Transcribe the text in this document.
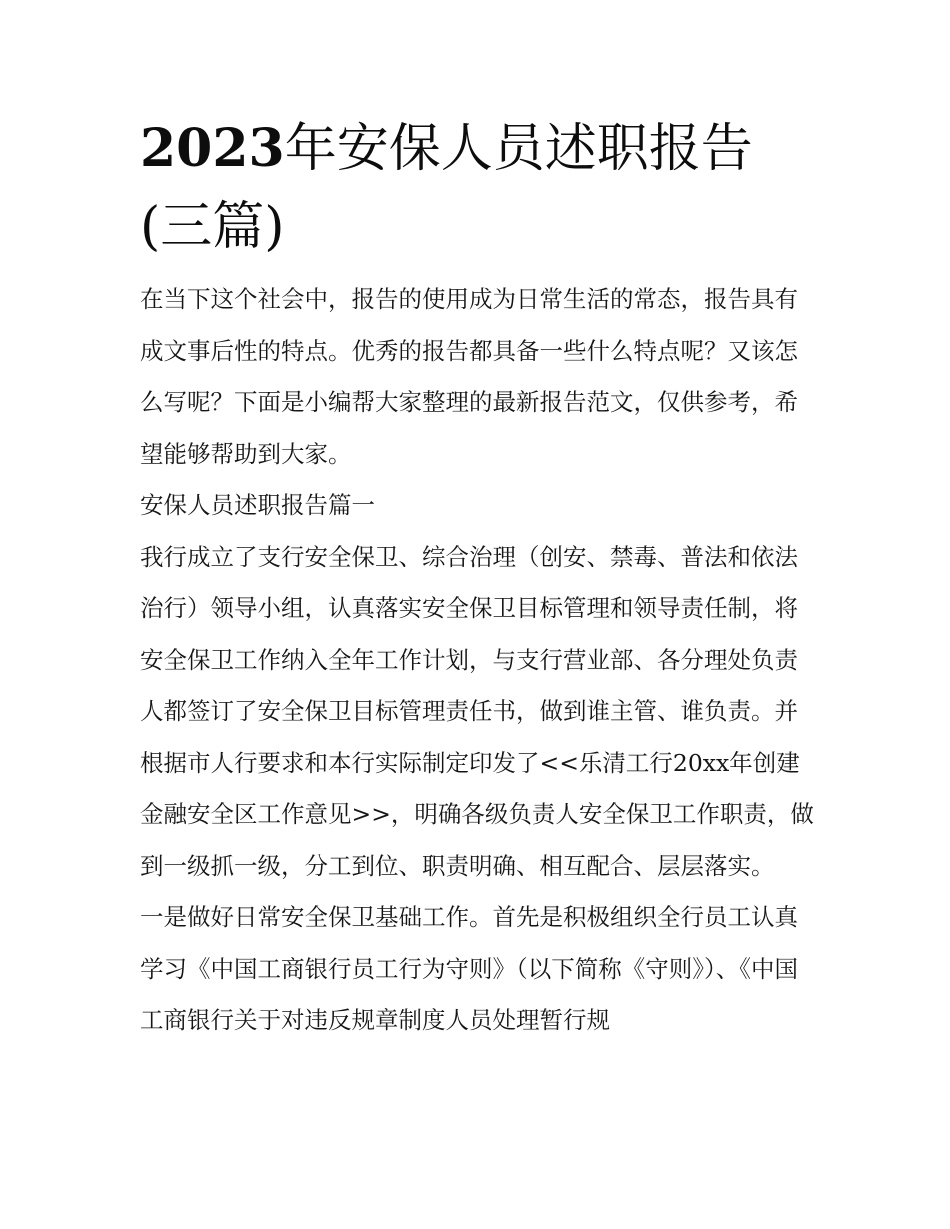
2023年安保人员述职报告(三篇)

在当下这个社会中，报告的使用成为日常生活的常态，报告具有成文事后性的特点。优秀的报告都具备一些什么特点呢？又该怎么写呢？下面是小编帮大家整理的最新报告范文，仅供参考，希望能够帮助到大家。

安保人员述职报告篇一

我行成立了支行安全保卫、综合治理（创安、禁毒、普法和依法治行）领导小组，认真落实安全保卫目标管理和领导责任制，将安全保卫工作纳入全年工作计划，与支行营业部、各分理处负责人都签订了安全保卫目标管理责任书，做到谁主管、谁负责。并根据市人行要求和本行实际制定印发了<<乐清工行20xx年创建金融安全区工作意见>>，明确各级负责人安全保卫工作职责，做到一级抓一级，分工到位、职责明确、相互配合、层层落实。

一是做好日常安全保卫基础工作。首先是积极组织全行员工认真学习《中国工商银行员工行为守则》（以下简称《守则》）、《中国工商银行关于对违反规章制度人员处理暂行规
